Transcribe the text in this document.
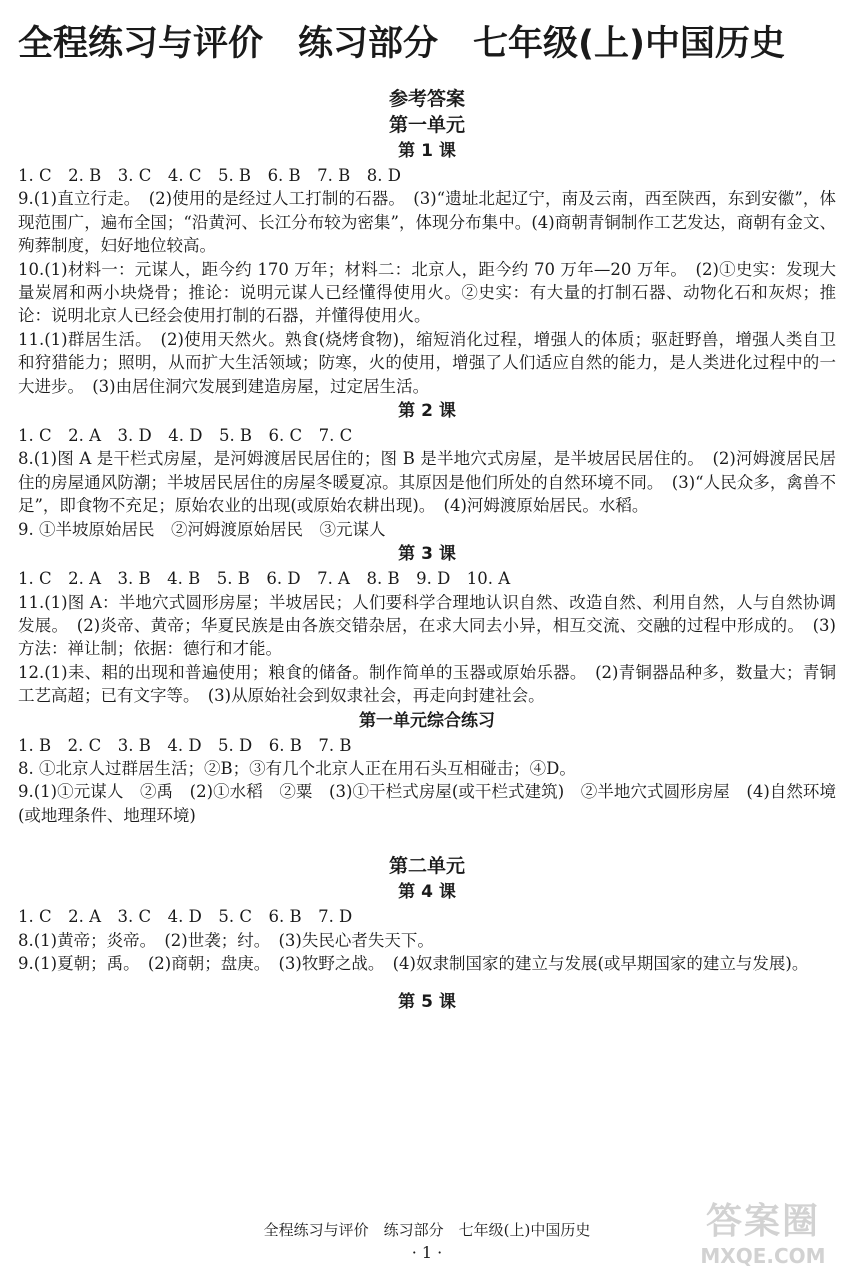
全程练习与评价　练习部分　七年级(上)中国历史
参考答案
第一单元
第 1 课
1. C　2. B　3. C　4. C　5. B　6. B　7. B　8. D
9.(1)直立行走。　(2)使用的是经过人工打制的石器。　(3)“遗址北起辽宁，南及云南，西至陕西，东到安徽”，体现范围广，遍布全国；“沿黄河、长江分布较为密集”，体现分布集中。(4)商朝青铜制作工艺发达，商朝有金文、殉葬制度，妇好地位较高。
10.(1)材料一：元谋人，距今约 170 万年；材料二：北京人，距今约 70 万年—20 万年。　(2)①史实：发现大量炭屑和两小块烧骨；推论：说明元谋人已经懂得使用火。②史实：有大量的打制石器、动物化石和灰烬；推论：说明北京人已经会使用打制的石器，并懂得使用火。
11.(1)群居生活。　(2)使用天然火。熟食(烧烤食物)，缩短消化过程，增强人的体质；驱赶野兽，增强人类自卫和狩猎能力；照明，从而扩大生活领域；防寒，火的使用，增强了人们适应自然的能力，是人类进化过程中的一大进步。　(3)由居住洞穴发展到建造房屋，过定居生活。
第 2 课
1. C　2. A　3. D　4. D　5. B　6. C　7. C
8.(1)图 A 是干栏式房屋，是河姆渡居民居住的；图 B 是半地穴式房屋，是半坡居民居住的。　(2)河姆渡居民居住的房屋通风防潮；半坡居民居住的房屋冬暖夏凉。其原因是他们所处的自然环境不同。　(3)“人民众多，禽兽不足”，即食物不充足；原始农业的出现(或原始农耕出现)。　(4)河姆渡原始居民。水稻。
9. ①半坡原始居民　②河姆渡原始居民　③元谋人
第 3 课
1. C　2. A　3. B　4. B　5. B　6. D　7. A　8. B　9. D　10. A
11.(1)图 A：半地穴式圆形房屋；半坡居民；人们要科学合理地认识自然、改造自然、利用自然，人与自然协调发展。　(2)炎帝、黄帝；华夏民族是由各族交错杂居，在求大同去小异，相互交流、交融的过程中形成的。　(3)方法：禅让制；依据：德行和才能。
12.(1)耒、耜的出现和普遍使用；粮食的储备。制作简单的玉器或原始乐器。　(2)青铜器品种多，数量大；青铜工艺高超；已有文字等。　(3)从原始社会到奴隶社会，再走向封建社会。
第一单元综合练习
1. B　2. C　3. B　4. D　5. D　6. B　7. B
8. ①北京人过群居生活；②B；③有几个北京人正在用石头互相碰击；④D。
9.(1)①元谋人　②禹　(2)①水稻　②粟　(3)①干栏式房屋(或干栏式建筑)　②半地穴式圆形房屋　(4)自然环境(或地理条件、地理环境)
第二单元
第 4 课
1. C　2. A　3. C　4. D　5. C　6. B　7. D
8.(1)黄帝；炎帝。　(2)世袭；纣。　(3)失民心者失天下。
9.(1)夏朝；禹。　(2)商朝；盘庚。　(3)牧野之战。　(4)奴隶制国家的建立与发展(或早期国家的建立与发展)。
第 5 课
全程练习与评价　练习部分　七年级(上)中国历史
· 1 ·
答案圈
MXQE.COM
